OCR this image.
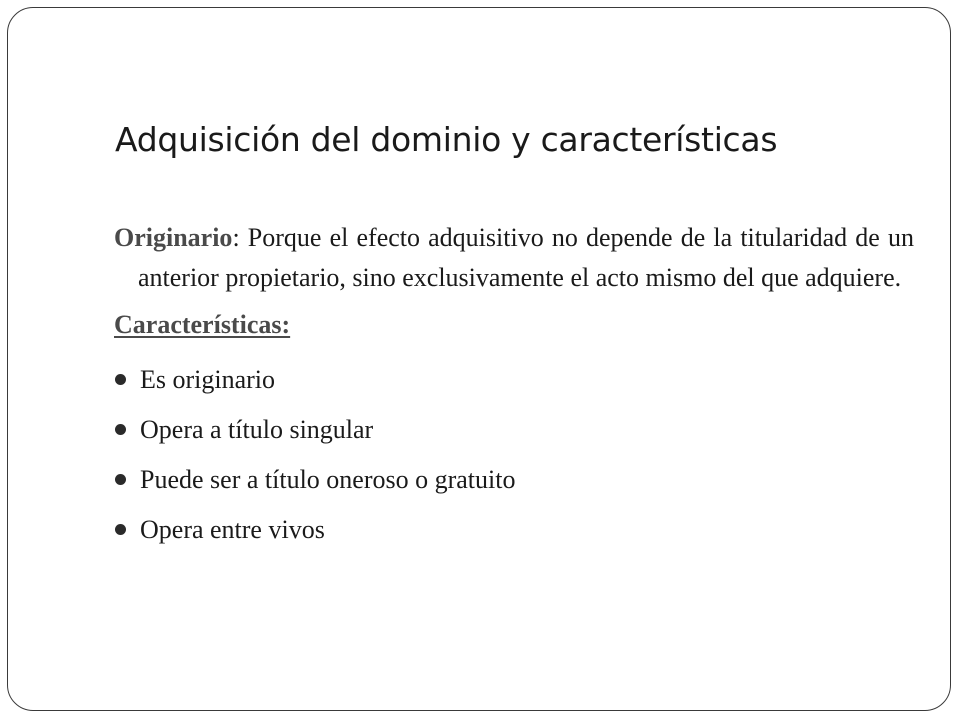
Adquisición del dominio y características

Originario: Porque el efecto adquisitivo no depende de la titularidad de un anterior propietario, sino exclusivamente el acto mismo del que adquiere.

Características:
Es originario
Opera a título singular
Puede ser a título oneroso o gratuito
Opera entre vivos
